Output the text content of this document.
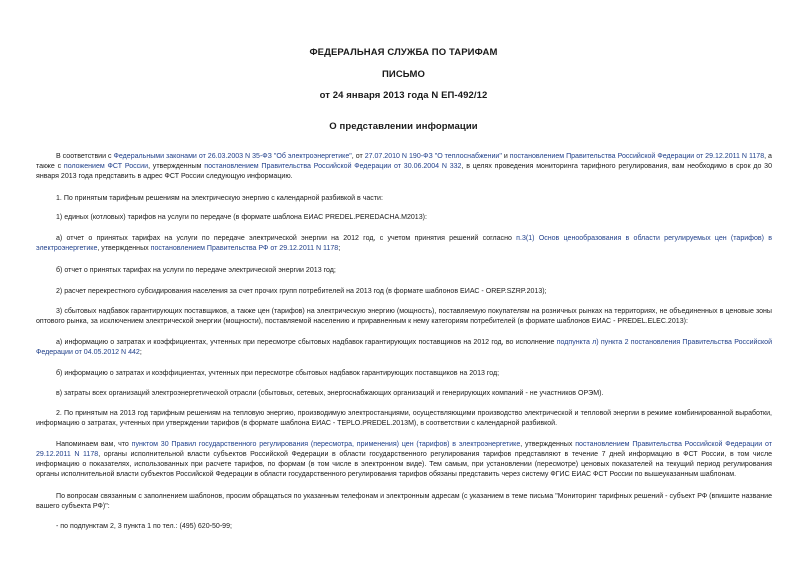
ФЕДЕРАЛЬНАЯ СЛУЖБА ПО ТАРИФАМ
ПИСЬМО
от 24 января 2013 года N ЕП-492/12
О представлении информации

В соответствии с Федеральными законами от 26.03.2003 N 35-ФЗ "Об электроэнергетике", от 27.07.2010 N 190-ФЗ "О теплоснабжении" и постановлением Правительства Российской Федерации от 29.12.2011 N 1178, а также с положением ФСТ России, утвержденным постановлением Правительства Российской Федерации от 30.06.2004 N 332, в целях проведения мониторинга тарифного регулирования, вам необходимо в срок до 30 января 2013 года представить в адрес ФСТ России следующую информацию.

1. По принятым тарифным решениям на электрическую энергию с календарной разбивкой в части:

1) единых (котловых) тарифов на услуги по передаче (в формате шаблона ЕИАС PREDEL.PEREDACHA.M2013):

а) отчет о принятых тарифах на услуги по передаче электрической энергии на 2012 год, с учетом принятия решений согласно п.3(1) Основ ценообразования в области регулируемых цен (тарифов) в электроэнергетике, утвержденных постановлением Правительства РФ от 29.12.2011 N 1178;

б) отчет о принятых тарифах на услуги по передаче электрической энергии 2013 год;

2) расчет перекрестного субсидирования населения за счет прочих групп потребителей на 2013 год (в формате шаблонов ЕИАС - OREP.SZRP.2013);

3) сбытовых надбавок гарантирующих поставщиков, а также цен (тарифов) на электрическую энергию (мощность), поставляемую покупателям на розничных рынках на территориях, не объединенных в ценовые зоны оптового рынка, за исключением электрической энергии (мощности), поставляемой населению и приравненным к нему категориям потребителей (в формате шаблонов ЕИАС - PREDEL.ELEC.2013):

а) информацию о затратах и коэффициентах, учтенных при пересмотре сбытовых надбавок гарантирующих поставщиков на 2012 год, во исполнение подпункта л) пункта 2 постановления Правительства Российской Федерации от 04.05.2012 N 442;

б) информацию о затратах и коэффициентах, учтенных при пересмотре сбытовых надбавок гарантирующих поставщиков на 2013 год;

в) затраты всех организаций электроэнергетической отрасли (сбытовых, сетевых, энергоснабжающих организаций и генерирующих компаний - не участников ОРЭМ).

2. По принятым на 2013 год тарифным решениям на тепловую энергию, производимую электростанциями, осуществляющими производство электрической и тепловой энергии в режиме комбинированной выработки, информацию о затратах, учтенных при утверждении тарифов (в формате шаблона ЕИАС - TEPLO.PREDEL.2013M), в соответствии с календарной разбивкой.

Напоминаем вам, что пунктом 30 Правил государственного регулирования (пересмотра, применения) цен (тарифов) в электроэнергетике, утвержденных постановлением Правительства Российской Федерации от 29.12.2011 N 1178, органы исполнительной власти субъектов Российской Федерации в области государственного регулирования тарифов представляют в течение 7 дней информацию в ФСТ России, в том числе информацию о показателях, использованных при расчете тарифов, по формам (в том числе в электронном виде). Тем самым, при установлении (пересмотре) ценовых показателей на текущий период регулирования органы исполнительной власти субъектов Российской Федерации в области государственного регулирования тарифов обязаны представить через систему ФГИС ЕИАС ФСТ России по вышеуказанным шаблонам.

По вопросам связанным с заполнением шаблонов, просим обращаться по указанным телефонам и электронным адресам (с указанием в теме письма "Мониторинг тарифных решений - субъект РФ (впишите название вашего субъекта РФ)":

- по подпунктам 2, 3 пункта 1 по тел.: (495) 620-50-99;
